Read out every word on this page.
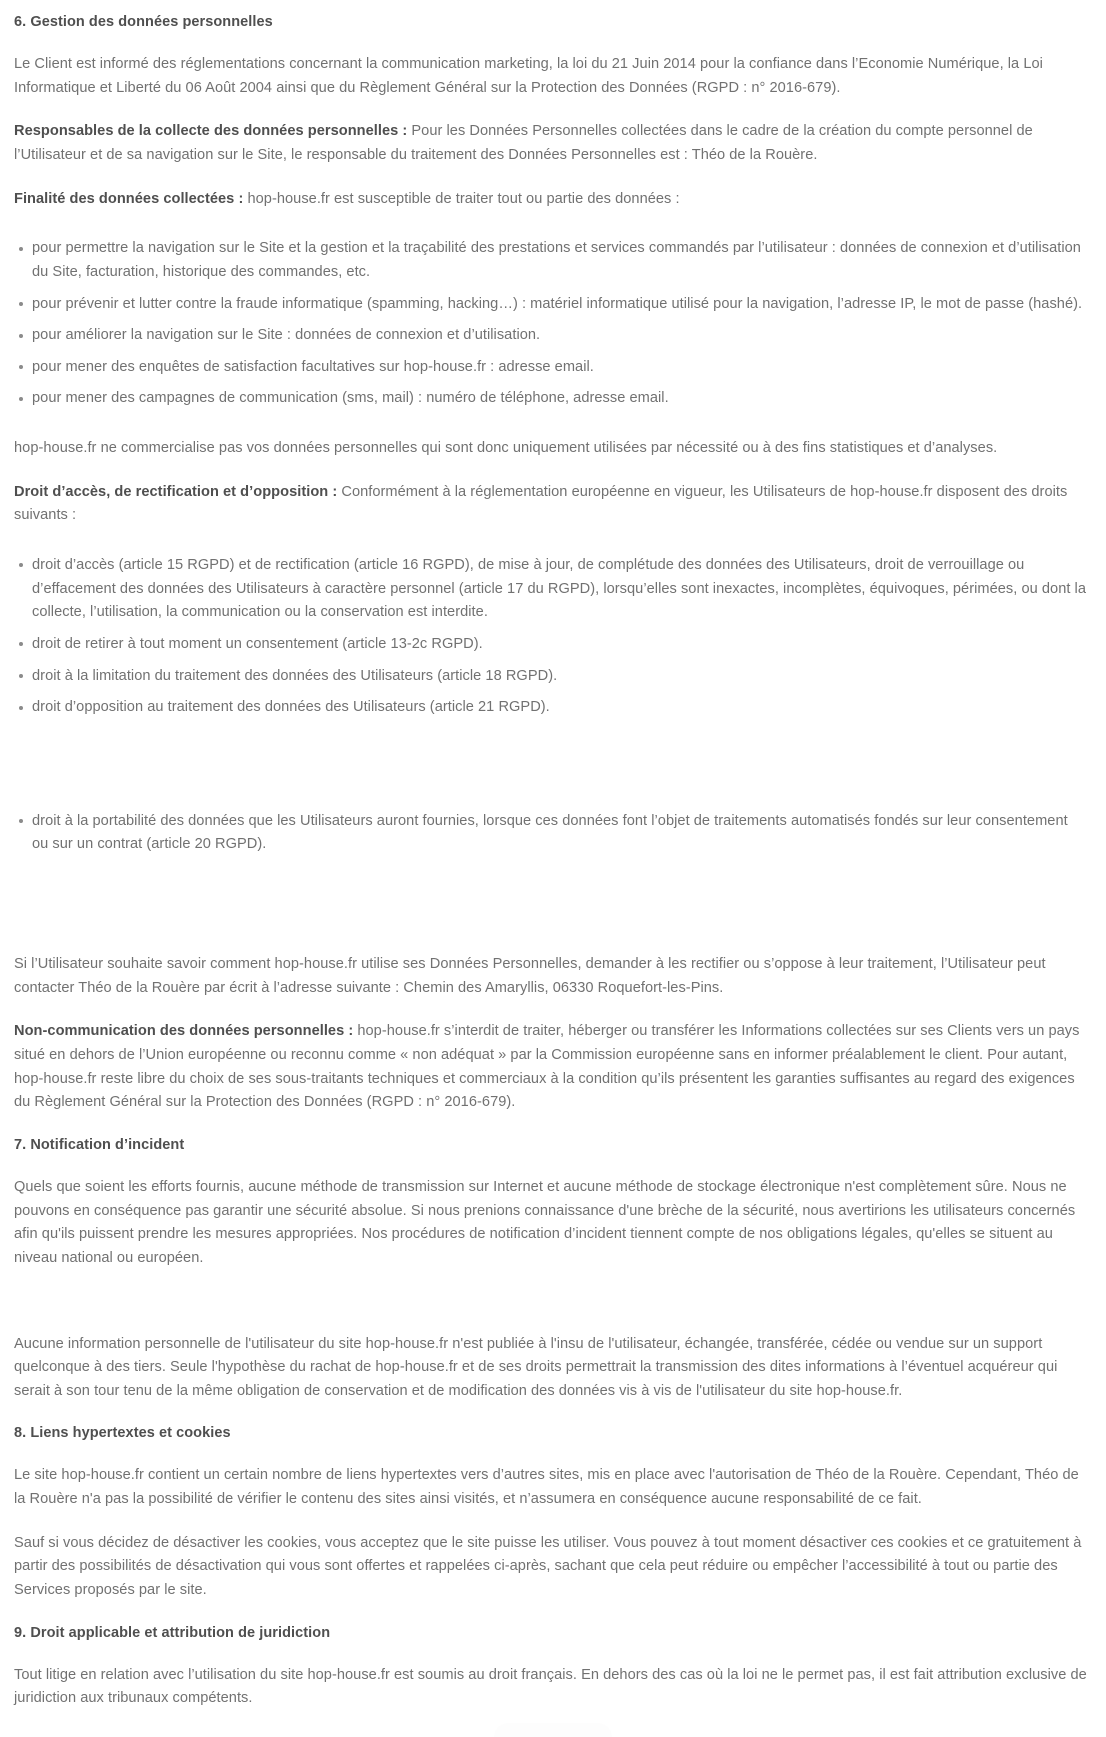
6. Gestion des données personnelles

Le Client est informé des réglementations concernant la communication marketing, la loi du 21 Juin 2014 pour la confiance dans l’Economie Numérique, la Loi Informatique et Liberté du 06 Août 2004 ainsi que du Règlement Général sur la Protection des Données (RGPD : n° 2016-679).

Responsables de la collecte des données personnelles : Pour les Données Personnelles collectées dans le cadre de la création du compte personnel de l’Utilisateur et de sa navigation sur le Site, le responsable du traitement des Données Personnelles est : Théo de la Rouère.

Finalité des données collectées : hop-house.fr est susceptible de traiter tout ou partie des données :

pour permettre la navigation sur le Site et la gestion et la traçabilité des prestations et services commandés par l’utilisateur : données de connexion et d’utilisation du Site, facturation, historique des commandes, etc.
pour prévenir et lutter contre la fraude informatique (spamming, hacking…) : matériel informatique utilisé pour la navigation, l’adresse IP, le mot de passe (hashé).
pour améliorer la navigation sur le Site : données de connexion et d’utilisation.
pour mener des enquêtes de satisfaction facultatives sur hop-house.fr : adresse email.
pour mener des campagnes de communication (sms, mail) : numéro de téléphone, adresse email.

hop-house.fr ne commercialise pas vos données personnelles qui sont donc uniquement utilisées par nécessité ou à des fins statistiques et d’analyses.

Droit d’accès, de rectification et d’opposition : Conformément à la réglementation européenne en vigueur, les Utilisateurs de hop-house.fr disposent des droits suivants :

droit d’accès (article 15 RGPD) et de rectification (article 16 RGPD), de mise à jour, de complétude des données des Utilisateurs, droit de verrouillage ou d’effacement des données des Utilisateurs à caractère personnel (article 17 du RGPD), lorsqu’elles sont inexactes, incomplètes, équivoques, périmées, ou dont la collecte, l’utilisation, la communication ou la conservation est interdite.
droit de retirer à tout moment un consentement (article 13-2c RGPD).
droit à la limitation du traitement des données des Utilisateurs (article 18 RGPD).
droit d’opposition au traitement des données des Utilisateurs (article 21 RGPD).
droit à la portabilité des données que les Utilisateurs auront fournies, lorsque ces données font l’objet de traitements automatisés fondés sur leur consentement ou sur un contrat (article 20 RGPD).

Si l’Utilisateur souhaite savoir comment hop-house.fr utilise ses Données Personnelles, demander à les rectifier ou s’oppose à leur traitement, l’Utilisateur peut contacter Théo de la Rouère par écrit à l’adresse suivante : Chemin des Amaryllis, 06330 Roquefort-les-Pins.

Non-communication des données personnelles : hop-house.fr s’interdit de traiter, héberger ou transférer les Informations collectées sur ses Clients vers un pays situé en dehors de l’Union européenne ou reconnu comme « non adéquat » par la Commission européenne sans en informer préalablement le client. Pour autant, hop-house.fr reste libre du choix de ses sous-traitants techniques et commerciaux à la condition qu’ils présentent les garanties suffisantes au regard des exigences du Règlement Général sur la Protection des Données (RGPD : n° 2016-679).

7. Notification d’incident

Quels que soient les efforts fournis, aucune méthode de transmission sur Internet et aucune méthode de stockage électronique n'est complètement sûre. Nous ne pouvons en conséquence pas garantir une sécurité absolue. Si nous prenions connaissance d'une brèche de la sécurité, nous avertirions les utilisateurs concernés afin qu'ils puissent prendre les mesures appropriées. Nos procédures de notification d’incident tiennent compte de nos obligations légales, qu'elles se situent au niveau national ou européen.

Aucune information personnelle de l'utilisateur du site hop-house.fr n'est publiée à l'insu de l'utilisateur, échangée, transférée, cédée ou vendue sur un support quelconque à des tiers. Seule l'hypothèse du rachat de hop-house.fr et de ses droits permettrait la transmission des dites informations à l’éventuel acquéreur qui serait à son tour tenu de la même obligation de conservation et de modification des données vis à vis de l'utilisateur du site hop-house.fr.

8. Liens hypertextes et cookies

Le site hop-house.fr contient un certain nombre de liens hypertextes vers d’autres sites, mis en place avec l'autorisation de Théo de la Rouère. Cependant, Théo de la Rouère n'a pas la possibilité de vérifier le contenu des sites ainsi visités, et n’assumera en conséquence aucune responsabilité de ce fait.

Sauf si vous décidez de désactiver les cookies, vous acceptez que le site puisse les utiliser. Vous pouvez à tout moment désactiver ces cookies et ce gratuitement à partir des possibilités de désactivation qui vous sont offertes et rappelées ci-après, sachant que cela peut réduire ou empêcher l’accessibilité à tout ou partie des Services proposés par le site.

9. Droit applicable et attribution de juridiction

Tout litige en relation avec l’utilisation du site hop-house.fr est soumis au droit français. En dehors des cas où la loi ne le permet pas, il est fait attribution exclusive de juridiction aux tribunaux compétents.
